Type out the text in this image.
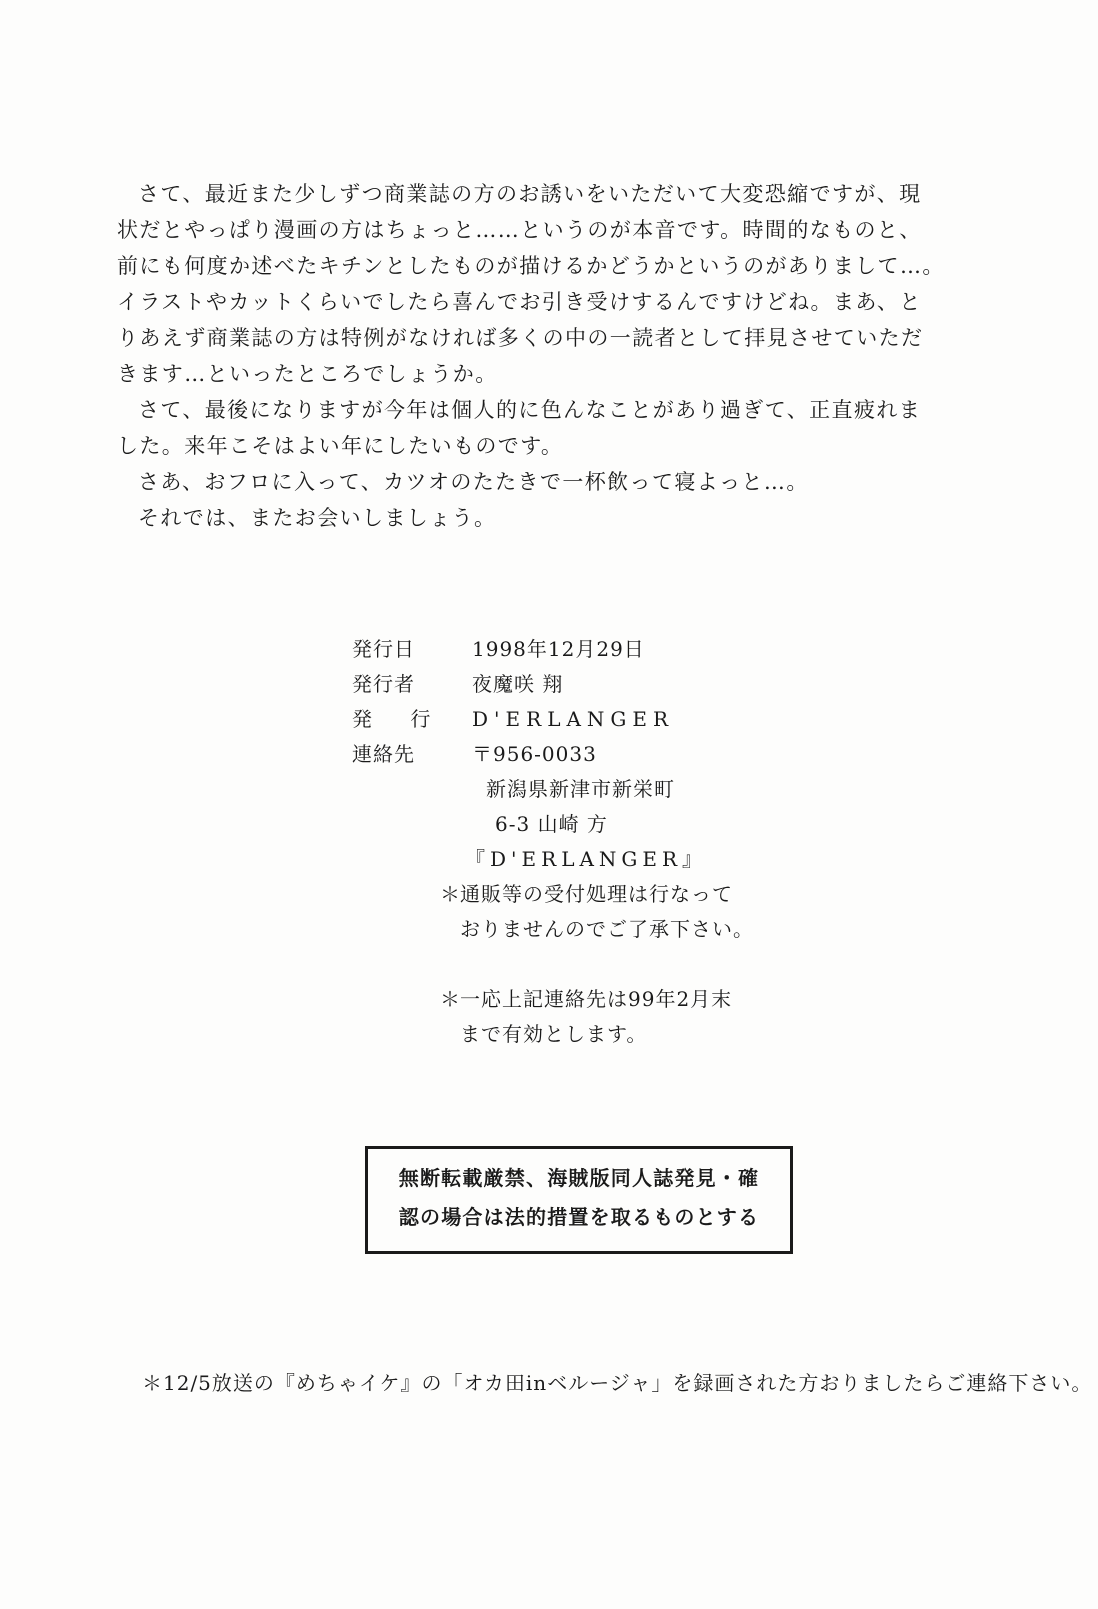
さて、最近また少しずつ商業誌の方のお誘いをいただいて大変恐縮ですが、現

状だとやっぱり漫画の方はちょっと……というのが本音です。時間的なものと、

前にも何度か述べたキチンとしたものが描けるかどうかというのがありまして…。

イラストやカットくらいでしたら喜んでお引き受けするんですけどね。まあ、と

りあえず商業誌の方は特例がなければ多くの中の一読者として拝見させていただ

きます…といったところでしょうか。

さて、最後になりますが今年は個人的に色んなことがあり過ぎて、正直疲れま

した。来年こそはよい年にしたいものです。

さあ、おフロに入って、カツオのたたきで一杯飲って寝よっと…。

それでは、またお会いしましょう。

発行日	1998年12月29日
発行者	夜魔咲 翔
発 行 D'ERLANGER
連絡先	〒956-0033
新潟県新津市新栄町
6-3 山崎 方
『D'ERLANGER』
＊通販等の受付処理は行なって
おりませんのでご了承下さい。
＊一応上記連絡先は99年2月末
まで有効とします。

無断転載厳禁、海賊版同人誌発見・確

認の場合は法的措置を取るものとする

＊12/5放送の『めちゃイケ』の「オカ田inベルージャ」を録画された方おりましたらご連絡下さい。
